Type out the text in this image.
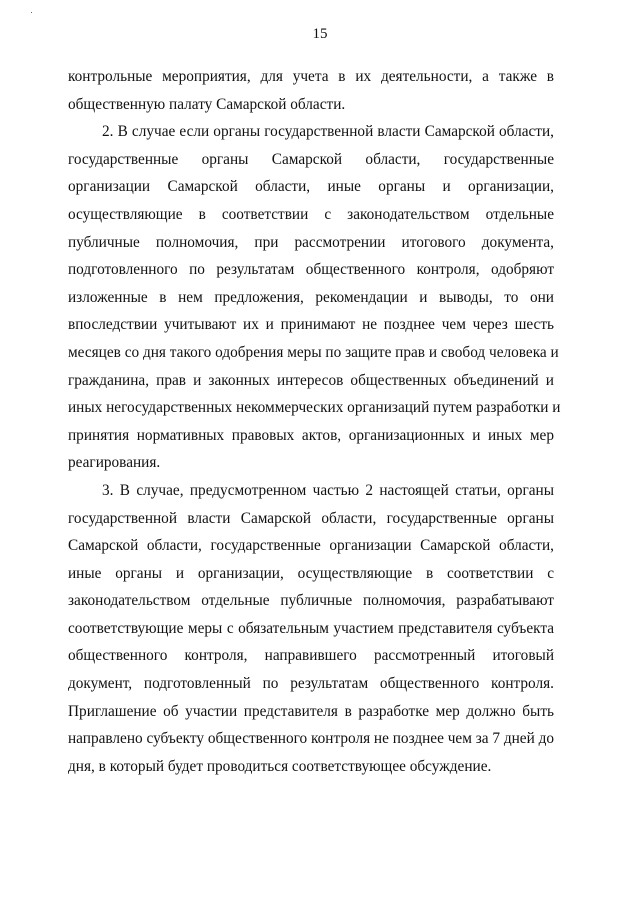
15
контрольные мероприятия, для учета в их деятельности, а также в
общественную палату Самарской области.
2. В случае если органы государственной власти Самарской области,
государственные органы Самарской области, государственные
организации Самарской области, иные органы и организации,
осуществляющие в соответствии с законодательством отдельные
публичные полномочия, при рассмотрении итогового документа,
подготовленного по результатам общественного контроля, одобряют
изложенные в нем предложения, рекомендации и выводы, то они
впоследствии учитывают их и принимают не позднее чем через шесть
месяцев со дня такого одобрения меры по защите прав и свобод человека и
гражданина, прав и законных интересов общественных объединений и
иных негосударственных некоммерческих организаций путем разработки и
принятия нормативных правовых актов, организационных и иных мер
реагирования.
3. В случае, предусмотренном частью 2 настоящей статьи, органы
государственной власти Самарской области, государственные органы
Самарской области, государственные организации Самарской области,
иные органы и организации, осуществляющие в соответствии с
законодательством отдельные публичные полномочия, разрабатывают
соответствующие меры с обязательным участием представителя субъекта
общественного контроля, направившего рассмотренный итоговый
документ, подготовленный по результатам общественного контроля.
Приглашение об участии представителя в разработке мер должно быть
направлено субъекту общественного контроля не позднее чем за 7 дней до
дня, в который будет проводиться соответствующее обсуждение.
